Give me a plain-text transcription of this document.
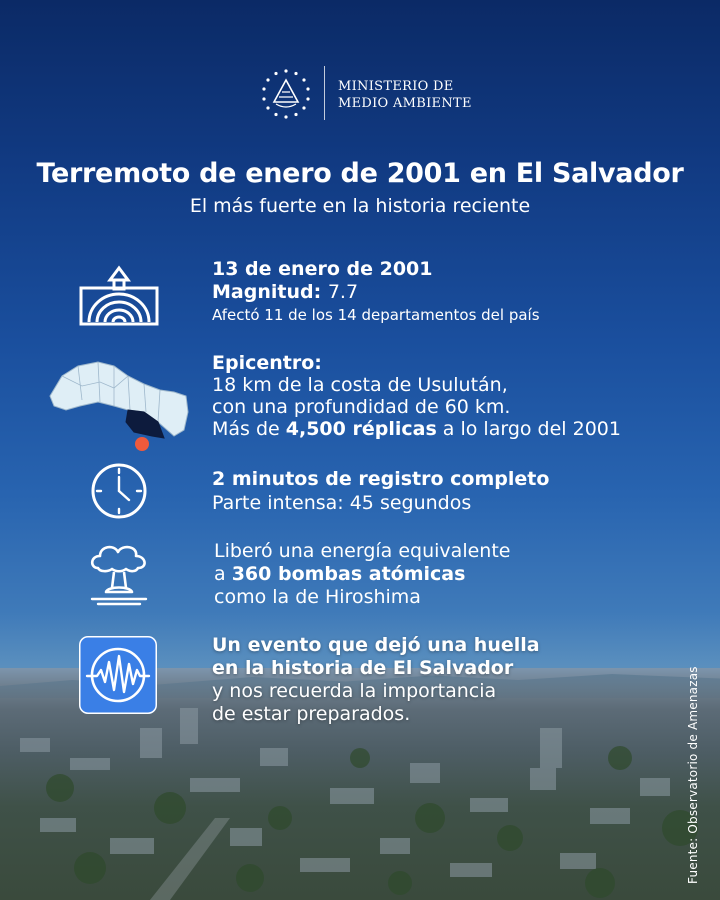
MINISTERIO DE
MEDIO AMBIENTE
Terremoto de enero de 2001 en El Salvador
El más fuerte en la historia reciente
13 de enero de 2001
Magnitud: 7.7
Afectó 11 de los 14 departamentos del país
Epicentro:
18 km de la costa de Usulután,
con una profundidad de 60 km.
Más de 4,500 réplicas a lo largo del 2001
2 minutos de registro completo
Parte intensa: 45 segundos
Liberó una energía equivalente
a 360 bombas atómicas
como la de Hiroshima
Un evento que dejó una huella
en la historia de El Salvador
y nos recuerda la importancia
de estar preparados.	Fuente: Observatorio de Amenazas
